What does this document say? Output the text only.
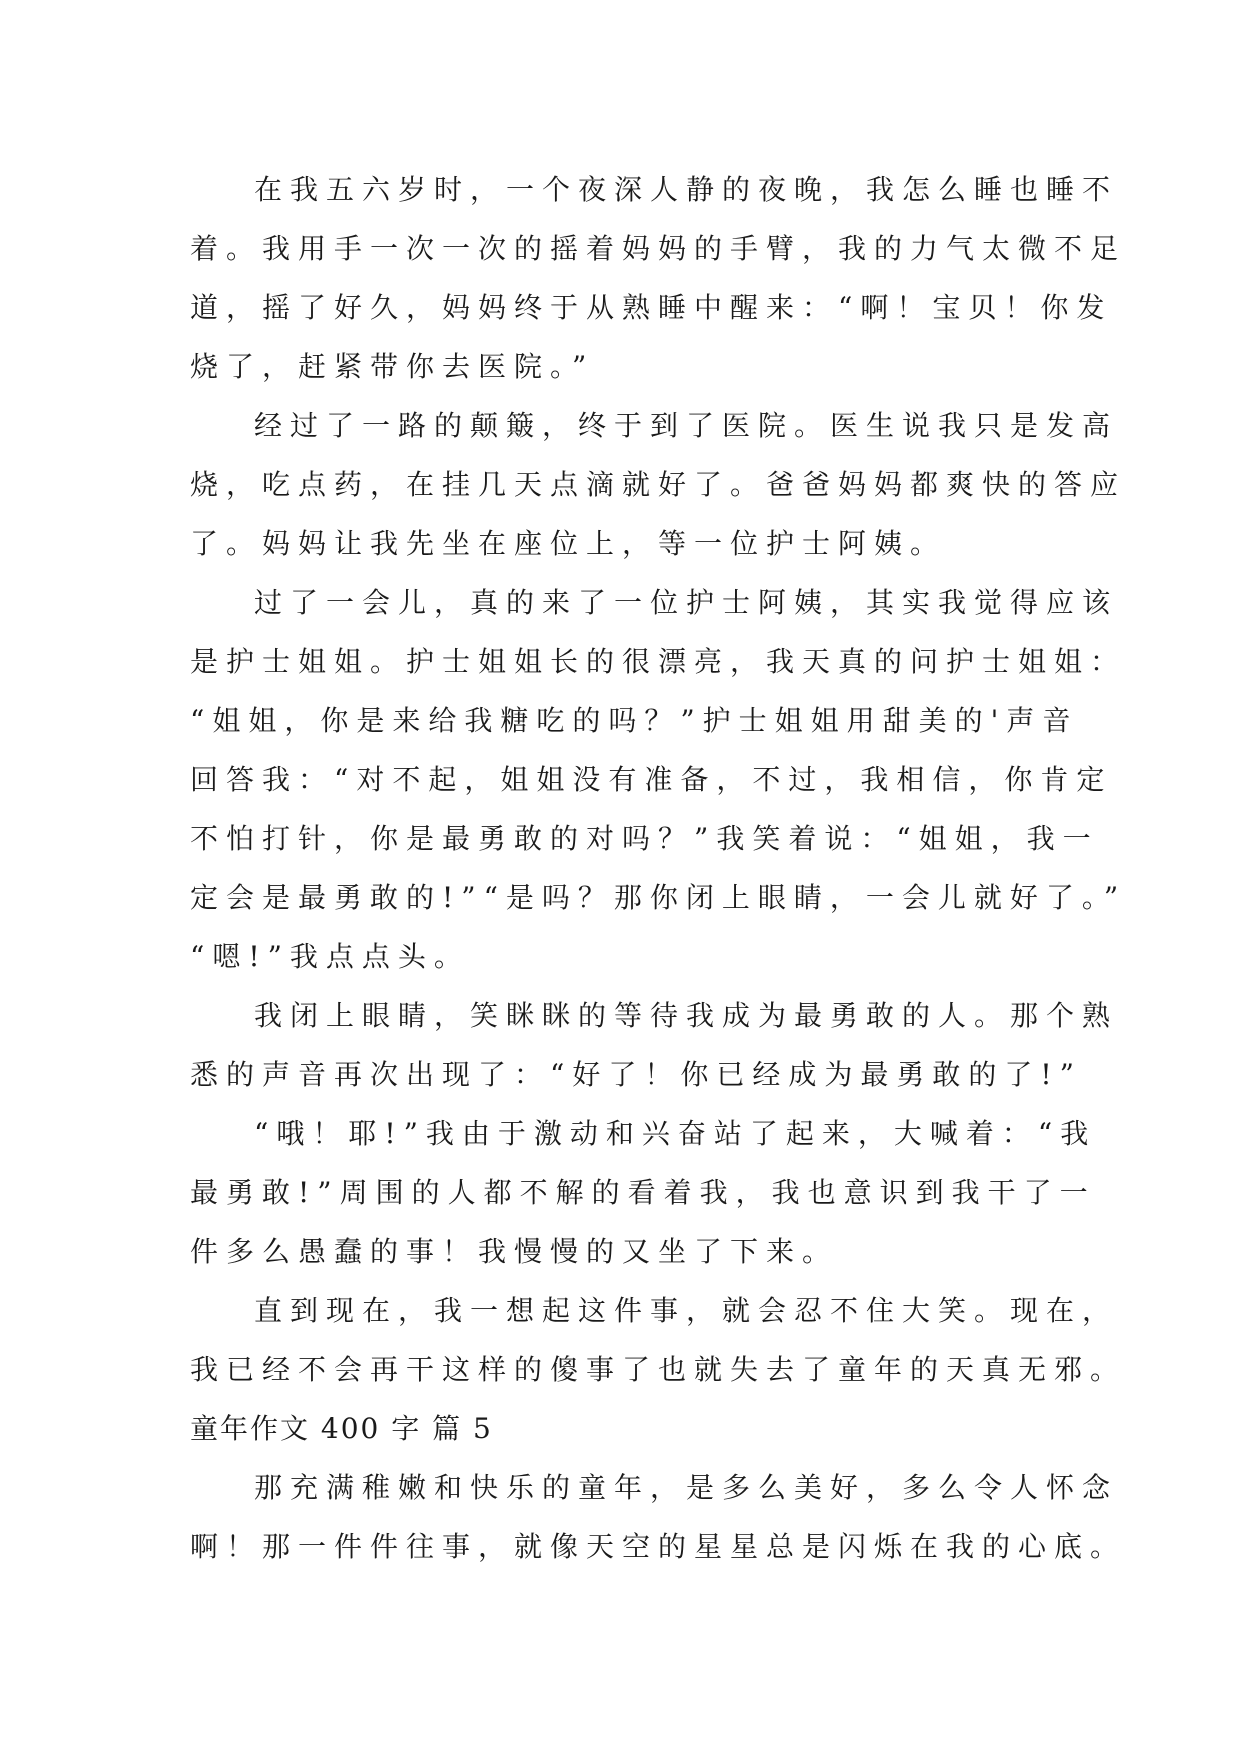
在我五六岁时，一个夜深人静的夜晚，我怎么睡也睡不
着。我用手一次一次的摇着妈妈的手臂，我的力气太微不足
道，摇了好久，妈妈终于从熟睡中醒来：“啊！宝贝！你发
烧了，赶紧带你去医院。”
经过了一路的颠簸，终于到了医院。医生说我只是发高
烧，吃点药，在挂几天点滴就好了。爸爸妈妈都爽快的答应
了。妈妈让我先坐在座位上，等一位护士阿姨。
过了一会儿，真的来了一位护士阿姨，其实我觉得应该
是护士姐姐。护士姐姐长的很漂亮，我天真的问护士姐姐：
“姐姐，你是来给我糖吃的吗？”护士姐姐用甜美的'声音
回答我：“对不起，姐姐没有准备，不过，我相信，你肯定
不怕打针，你是最勇敢的对吗？”我笑着说：“姐姐，我一
定会是最勇敢的!”“是吗？那你闭上眼睛，一会儿就好了。”
“嗯!”我点点头。
我闭上眼睛，笑眯眯的等待我成为最勇敢的人。那个熟
悉的声音再次出现了：“好了！你已经成为最勇敢的了!”
“哦！耶!”我由于激动和兴奋站了起来，大喊着：“我
最勇敢!”周围的人都不解的看着我，我也意识到我干了一
件多么愚蠢的事！我慢慢的又坐了下来。
直到现在，我一想起这件事，就会忍不住大笑。现在，
我已经不会再干这样的傻事了也就失去了童年的天真无邪。
童年作文 400 字 篇 5
那充满稚嫩和快乐的童年，是多么美好，多么令人怀念
啊！那一件件往事，就像天空的星星总是闪烁在我的心底。
